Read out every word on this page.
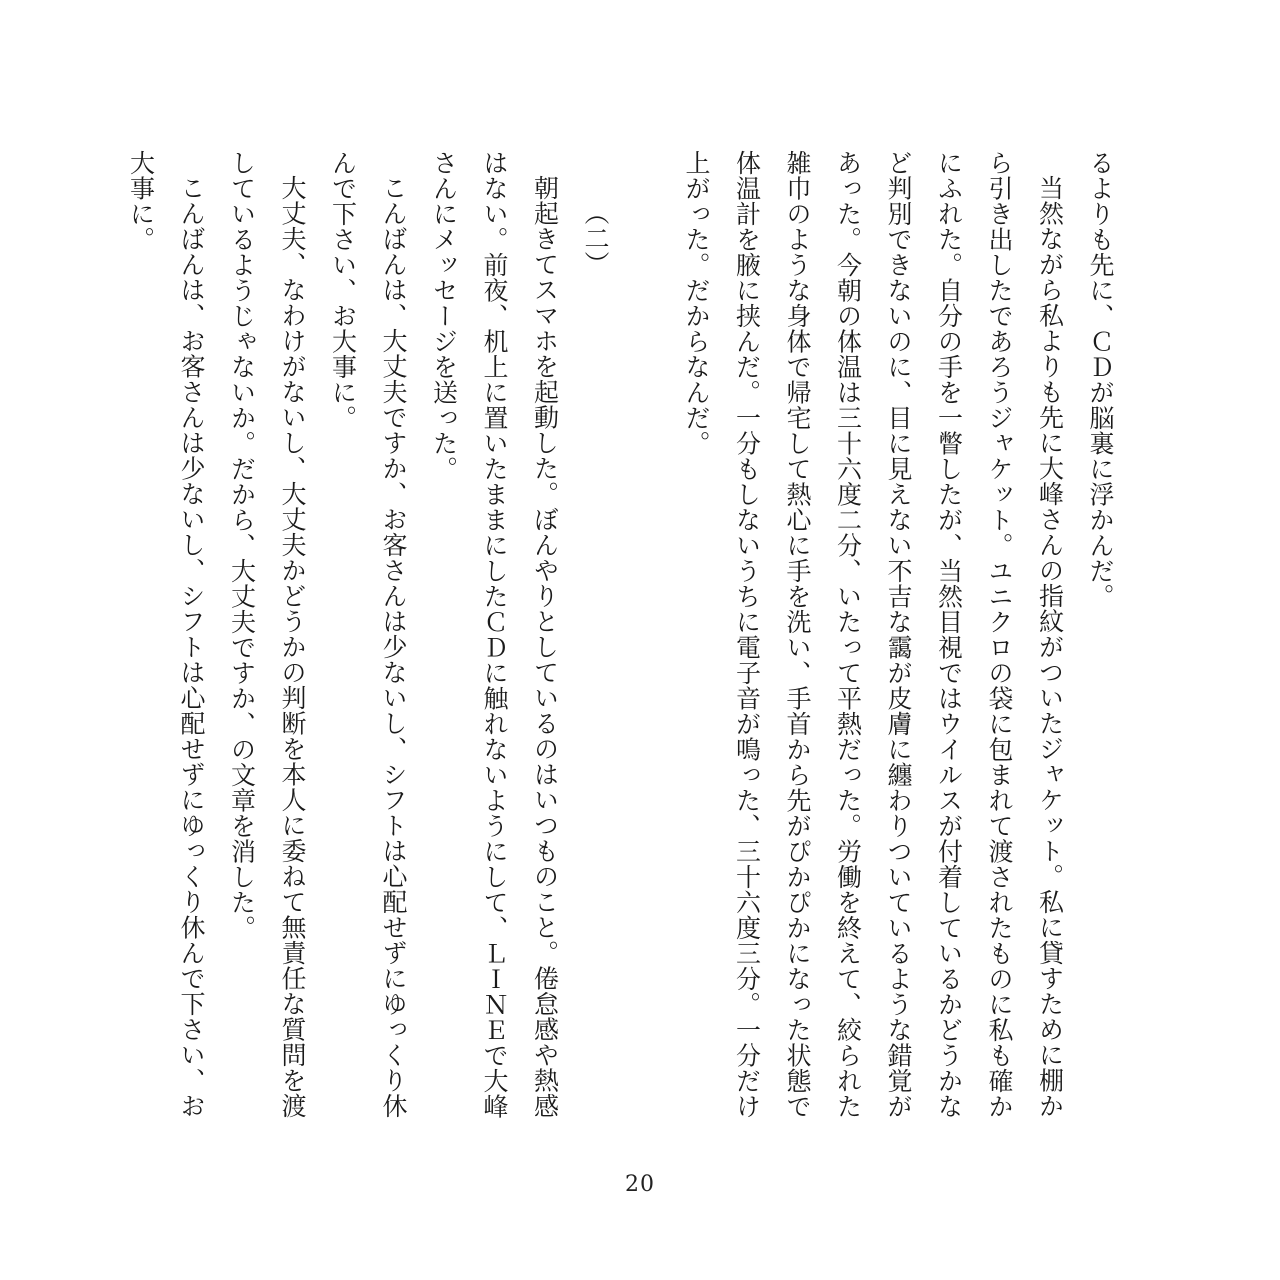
るよりも先に、ＣＤが脳裏に浮かんだ。

当然ながら私よりも先に大峰さんの指紋がついたジャケット。私に貸すために棚から引き出したであろうジャケット。ユニクロの袋に包まれて渡されたものに私も確かにふれた。自分の手を一瞥したが、当然目視ではウイルスが付着しているかどうかなど判別できないのに、目に見えない不吉な靄が皮膚に纏わりついているような錯覚があった。今朝の体温は三十六度二分、いたって平熱だった。労働を終えて、絞られた雑巾のような身体で帰宅して熱心に手を洗い、手首から先がぴかぴかになった状態で体温計を腋に挟んだ。一分もしないうちに電子音が鳴った、三十六度三分。一分だけ上がった。だからなんだ。

（二）

朝起きてスマホを起動した。ぼんやりとしているのはいつものこと。倦怠感や熱感はない。前夜、机上に置いたままにしたＣＤに触れないようにして、ＬＩＮＥで大峰さんにメッセージを送った。

こんばんは、大丈夫ですか、お客さんは少ないし、シフトは心配せずにゆっくり休んで下さい、お大事に。

大丈夫、なわけがないし、大丈夫かどうかの判断を本人に委ねて無責任な質問を渡しているようじゃないか。だから、大丈夫ですか、の文章を消した。

こんばんは、お客さんは少ないし、シフトは心配せずにゆっくり休んで下さい、お大事に。

20
